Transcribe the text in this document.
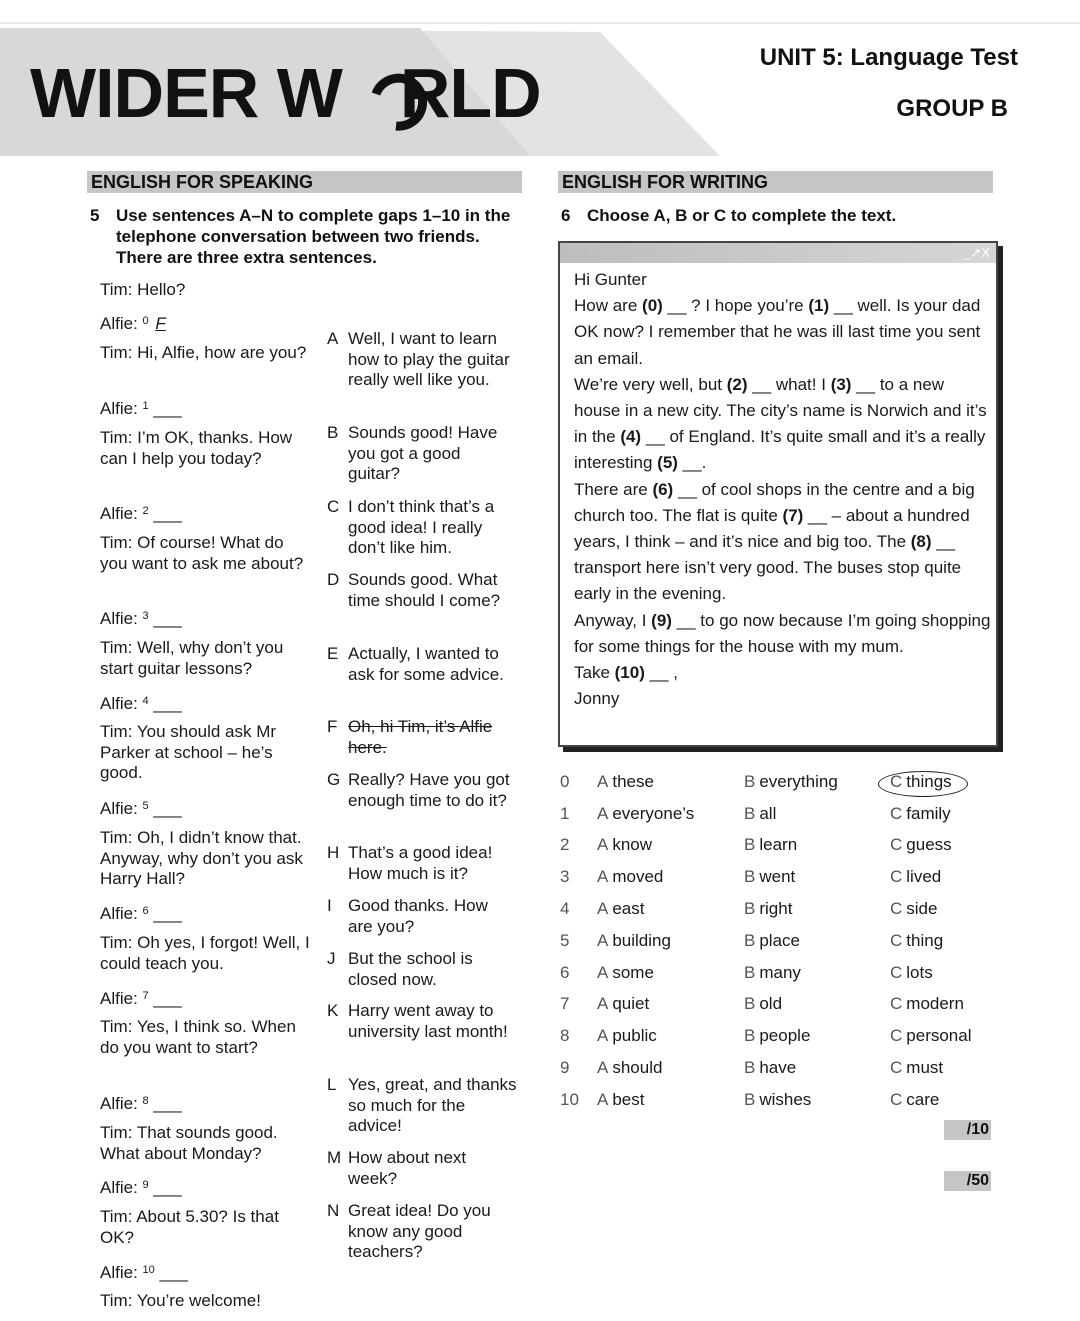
WIDER W RLD	UNIT 5: Language Test
GROUP B
ENGLISH FOR SPEAKING	ENGLISH FOR WRITING
5 Use sentences A–N to complete gaps 1–10 in the telephone conversation between two friends. There are three extra sentences.
Tim: Hello?
Alfie: $^0$ F
Tim: Hi, Alfie, how are you?
Alfie: $^1$ ___
Tim: I’m OK, thanks. How can I help you today?
Alfie: $^2$ ___
Tim: Of course! What do you want to ask me about?
Alfie: $^3$ ___
Tim: Well, why don’t you start guitar lessons?
Alfie: $^4$ ___
Tim: You should ask Mr Parker at school – he’s good.
Alfie: $^5$ ___
Tim: Oh, I didn’t know that. Anyway, why don’t you ask Harry Hall?
Alfie: $^6$ ___
Tim: Oh yes, I forgot! Well, I could teach you.
Alfie: $^7$ ___
Tim: Yes, I think so. When do you want to start?
Alfie: $^8$ ___
Tim: That sounds good. What about Monday?
Alfie: $^9$ ___
Tim: About 5.30? Is that OK?
Alfie: $^{10}$ ___
Tim: You’re welcome!
A Well, I want to learn how to play the guitar really well like you.
B Sounds good! Have you got a good guitar?
C I don’t think that’s a good idea! I really don’t like him.
D Sounds good. What time should I come?
E Actually, I wanted to ask for some advice.
F Oh, hi Tim, it’s Alfie here.
G Really? Have you got enough time to do it?
H That’s a good idea! How much is it?
I Good thanks. How are you?
J But the school is closed now.
K Harry went away to university last month!
L Yes, great, and thanks so much for the advice!
M How about next week?
N Great idea! Do you know any good teachers?
6 Choose A, B or C to complete the text.
_↗X
Hi Gunter
How are (0) __ ? I hope you’re (1) __ well. Is your dad OK now? I remember that he was ill last time you sent an email.
We’re very well, but (2) __ what! I (3) __ to a new house in a new city. The city’s name is Norwich and it’s in the (4) __ of England. It’s quite small and it’s a really interesting (5) __.
There are (6) __ of cool shops in the centre and a big church too. The flat is quite (7) __ – about a hundred years, I think – and it’s nice and big too. The (8) __ transport here isn’t very good. The buses stop quite early in the evening.
Anyway, I (9) __ to go now because I’m going shopping for some things for the house with my mum.
Take (10) __ ,
Jonny
0 A these	B everything	C things
1 A everyone’s	B all	C family
2 A know	B learn	C guess
3 A moved	B went	C lived
4 A east	B right	C side
5 A building	B place	C thing
6 A some	B many	C lots
7 A quiet	B old	C modern
8 A public	B people	C personal
9 A should	B have	C must
10 A best	B wishes	C care
/10
/50
